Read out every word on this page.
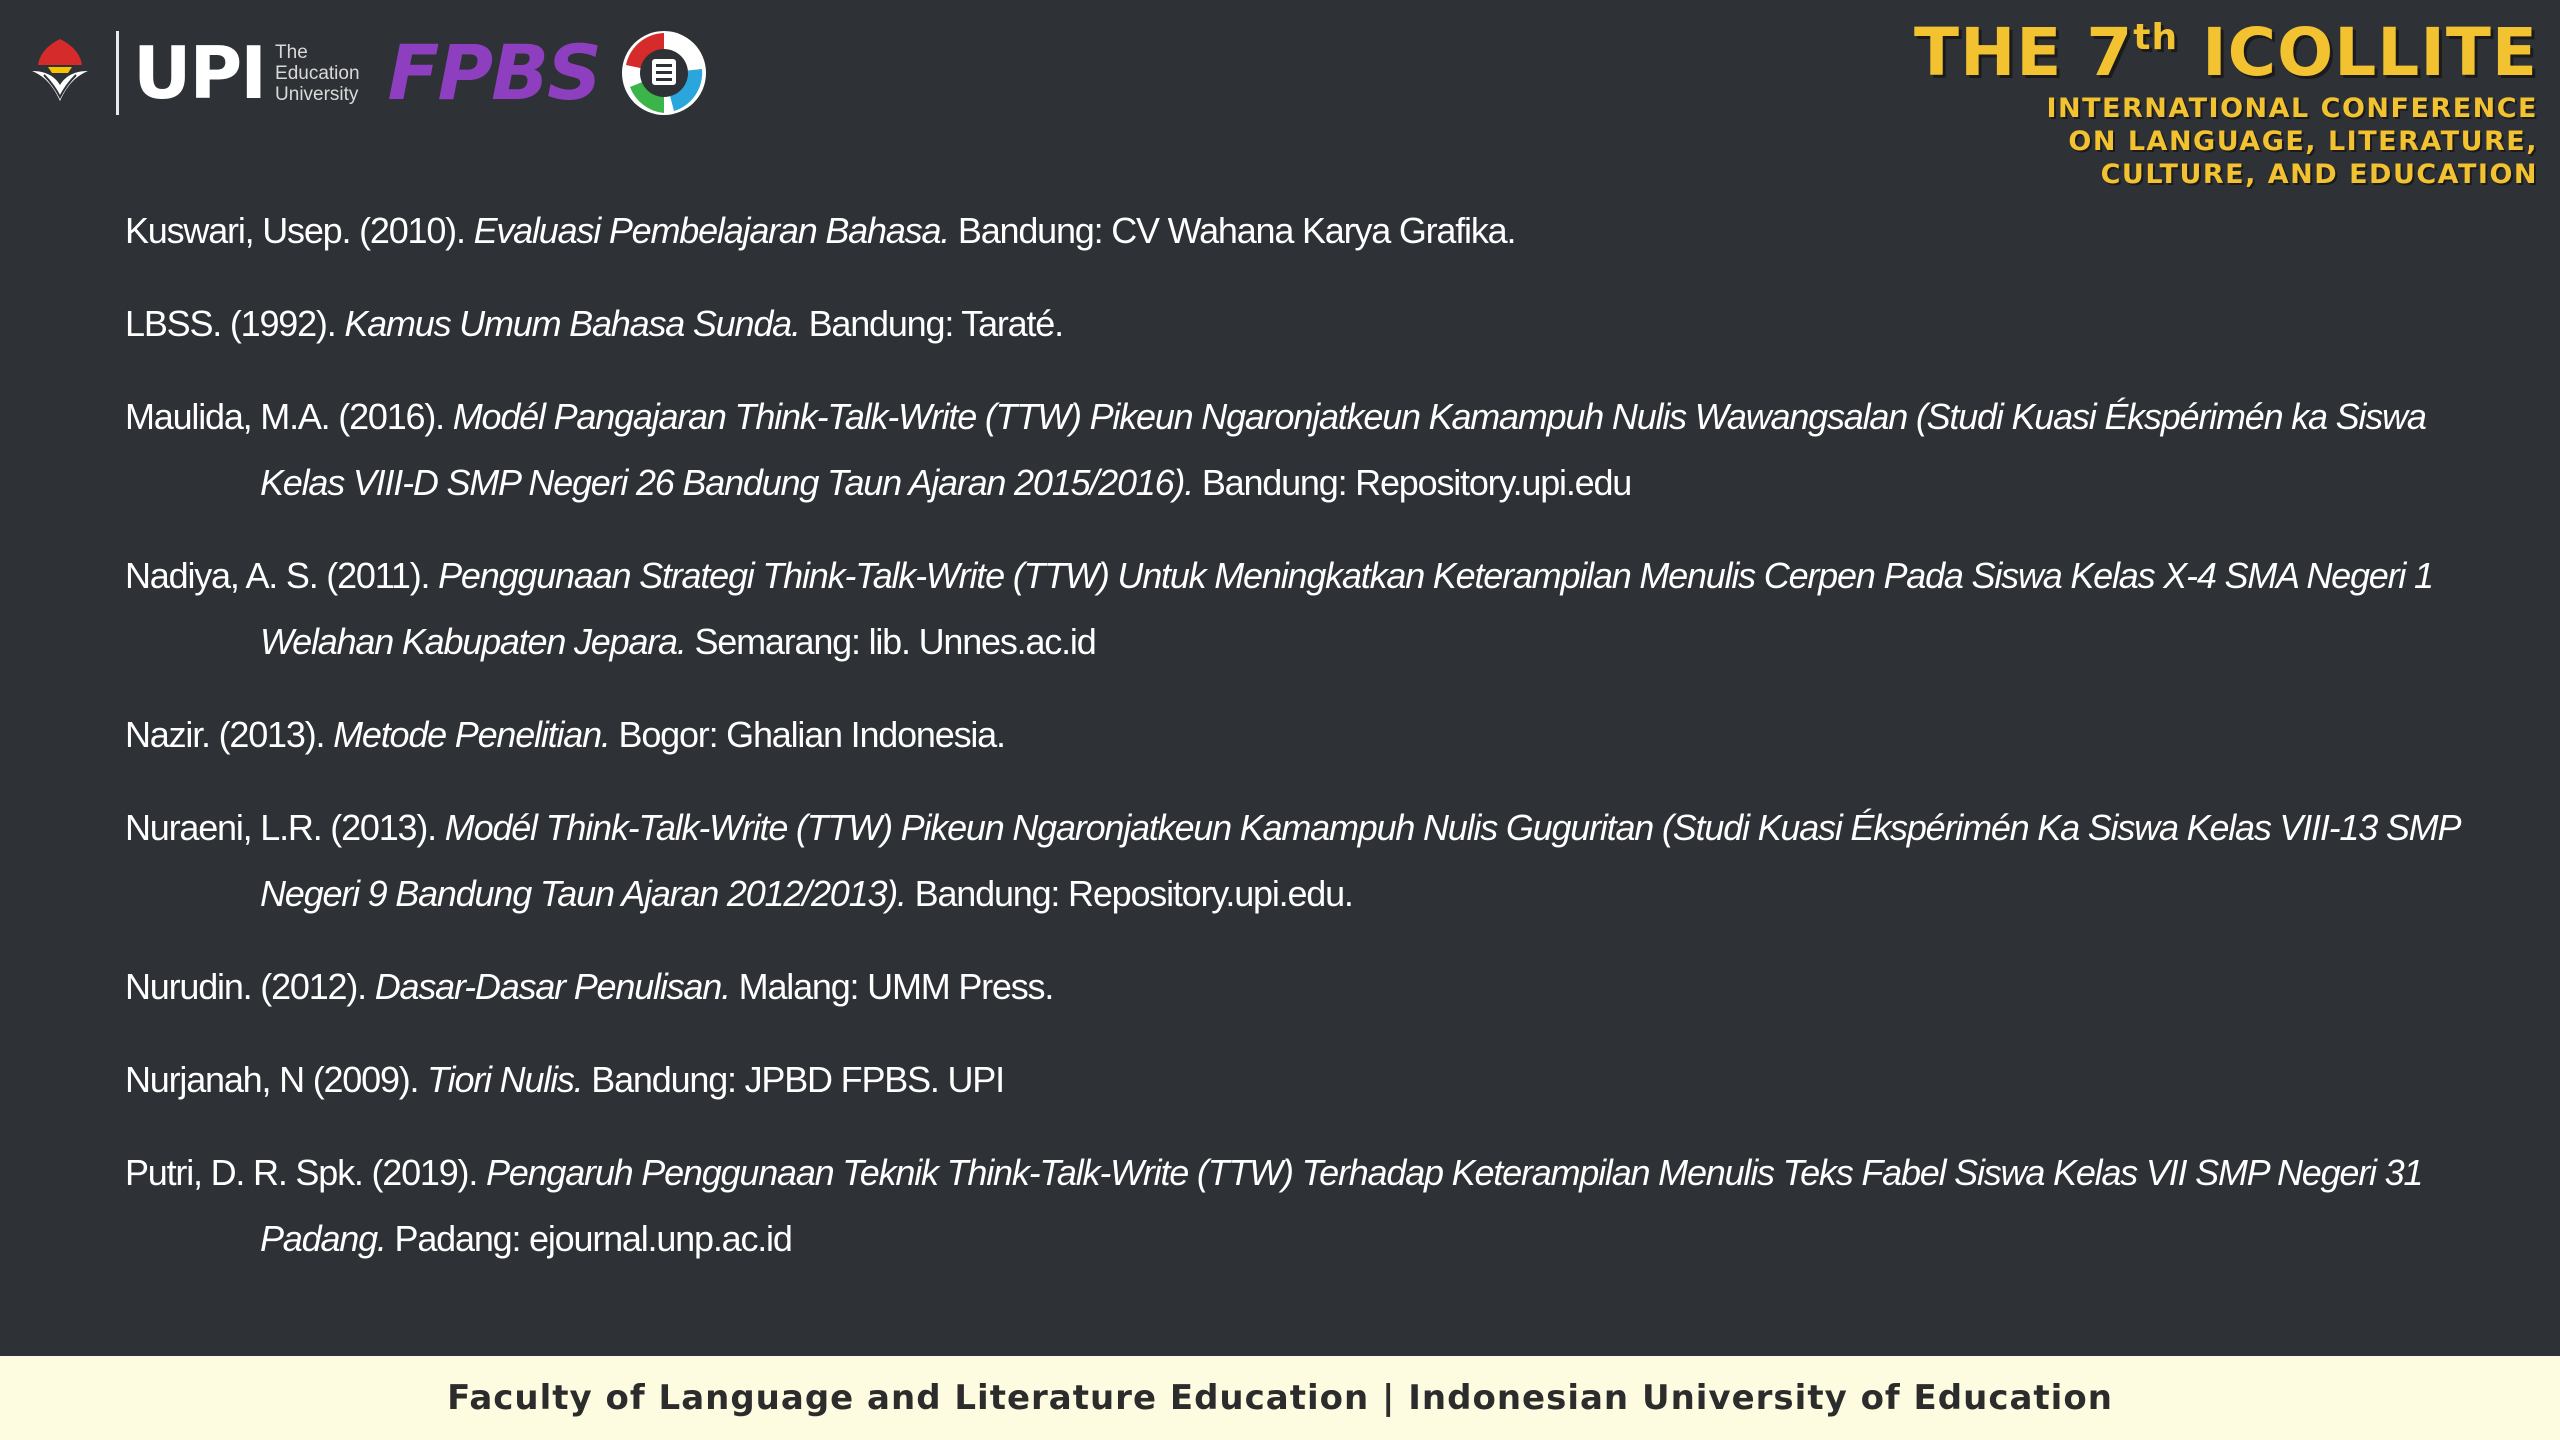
UPI The
Education
University FPBS	THE 7th ICOLLITE
INTERNATIONAL CONFERENCE
ON LANGUAGE, LITERATURE,
CULTURE, AND EDUCATION
Kuswari, Usep. (2010). Evaluasi Pembelajaran Bahasa. Bandung: CV Wahana Karya Grafika.
LBSS. (1992). Kamus Umum Bahasa Sunda. Bandung: Taraté.
Maulida, M.A. (2016). Modél Pangajaran Think-Talk-Write (TTW) Pikeun Ngaronjatkeun Kamampuh Nulis Wawangsalan (Studi Kuasi Ékspérimén ka Siswa Kelas VIII-D SMP Negeri 26 Bandung Taun Ajaran 2015/2016). Bandung: Repository.upi.edu
Nadiya, A. S. (2011). Penggunaan Strategi Think-Talk-Write (TTW) Untuk Meningkatkan Keterampilan Menulis Cerpen Pada Siswa Kelas X-4 SMA Negeri 1 Welahan Kabupaten Jepara. Semarang: lib. Unnes.ac.id
Nazir. (2013). Metode Penelitian. Bogor: Ghalian Indonesia.
Nuraeni, L.R. (2013). Modél Think-Talk-Write (TTW) Pikeun Ngaronjatkeun Kamampuh Nulis Guguritan (Studi Kuasi Ékspérimén Ka Siswa Kelas VIII-13 SMP Negeri 9 Bandung Taun Ajaran 2012/2013). Bandung: Repository.upi.edu.
Nurudin. (2012). Dasar-Dasar Penulisan. Malang: UMM Press.
Nurjanah, N (2009). Tiori Nulis. Bandung: JPBD FPBS. UPI
Putri, D. R. Spk. (2019). Pengaruh Penggunaan Teknik Think-Talk-Write (TTW) Terhadap Keterampilan Menulis Teks Fabel Siswa Kelas VII SMP Negeri 31 Padang. Padang: ejournal.unp.ac.id
Faculty of Language and Literature Education | Indonesian University of Education
